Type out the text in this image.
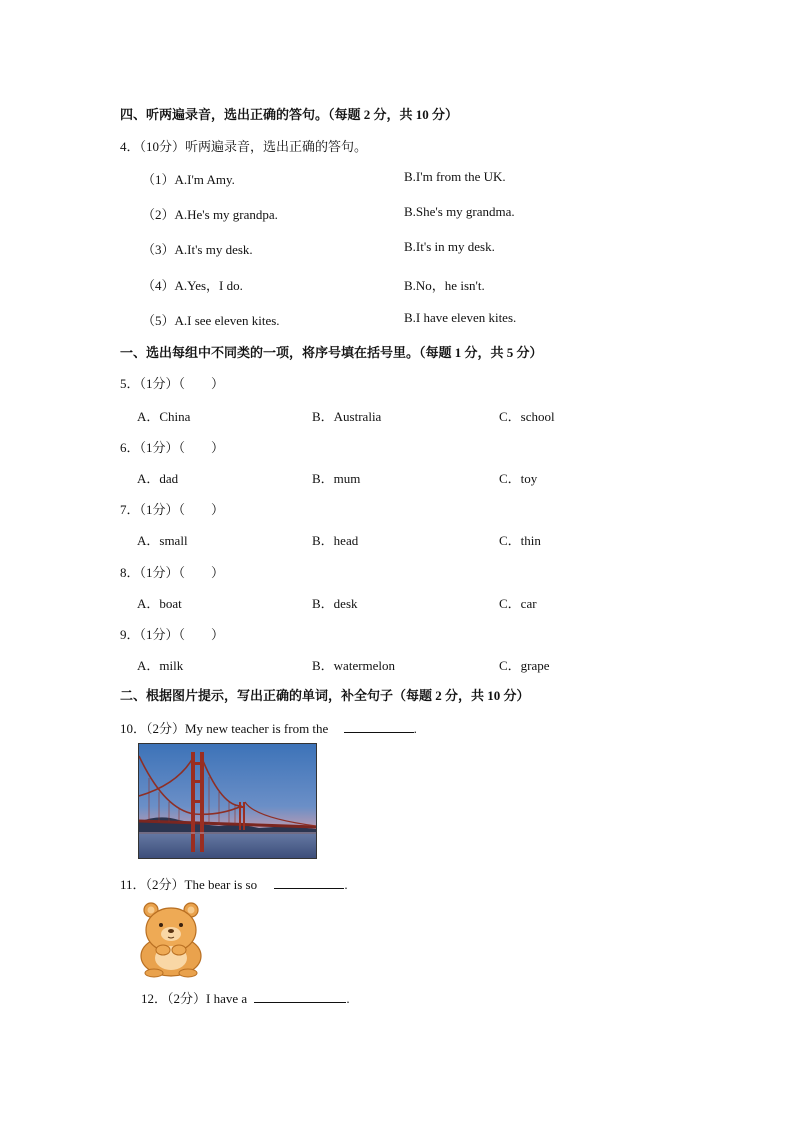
四、听两遍录音，选出正确的答句。（每题 2 分，共 10 分）
4．（10分）听两遍录音，选出正确的答句。
（1）A.I'm Amy.	B.I'm from the UK.
（2）A.He's my grandpa.	B.She's my grandma.
（3）A.It's my desk.	B.It's in my desk.
（4）A.Yes，I do.	B.No，he isn't.
（5）A.I see eleven kites.	B.I have eleven kites.
一、选出每组中不同类的一项，将序号填在括号里。（每题 1 分，共 5 分）
5．（1分）（　　）
A．China	B．Australia	C．school
6．（1分）（　　）
A．dad	B．mum	C．toy
7．（1分）（　　）
A．small	B．head	C．thin
8．（1分）（　　）
A．boat	B．desk	C．car
9．（1分）（　　）
A．milk	B．watermelon	C．grape
二、根据图片提示，写出正确的单词，补全句子（每题 2 分，共 10 分）
10．（2分）My new teacher is from the	.
11．（2分）The bear is so	.
12．（2分）I have a	.
